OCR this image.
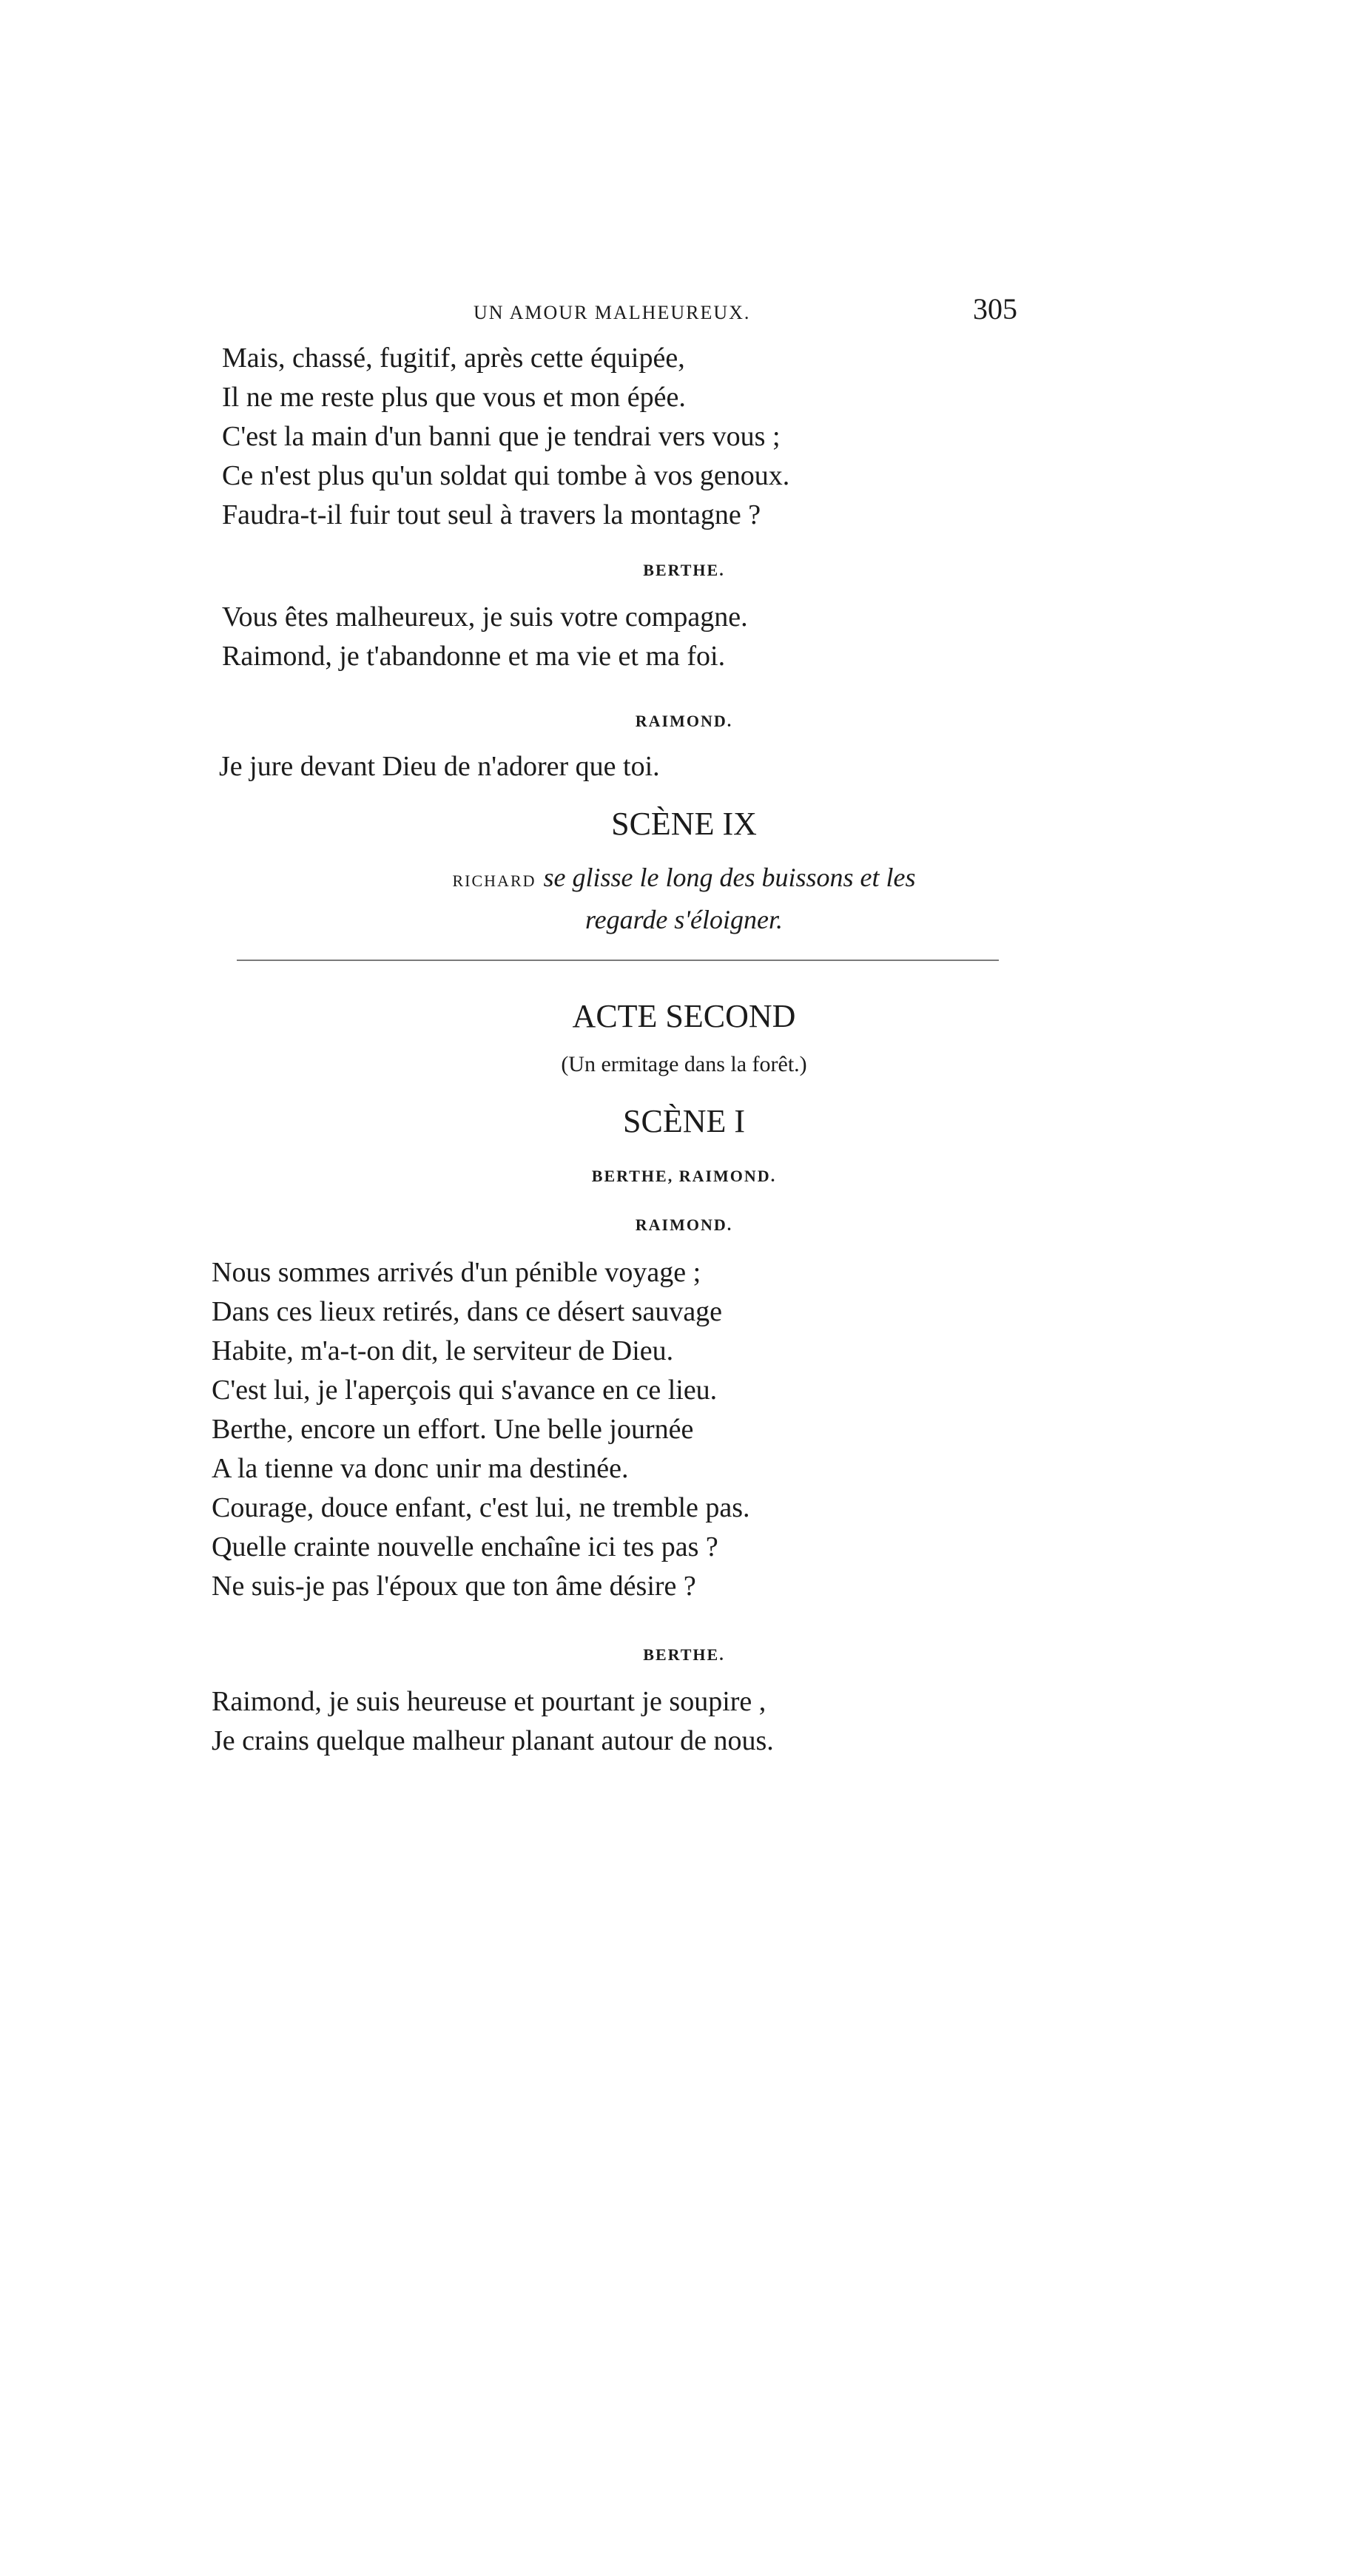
UN AMOUR MALHEUREUX.	305
Mais, chassé, fugitif, après cette équipée,
Il ne me reste plus que vous et mon épée.
C'est la main d'un banni que je tendrai vers vous ;
Ce n'est plus qu'un soldat qui tombe à vos genoux.
Faudra-t-il fuir tout seul à travers la montagne ?
BERTHE.
Vous êtes malheureux, je suis votre compagne.
Raimond, je t'abandonne et ma vie et ma foi.
RAIMOND.
Je jure devant Dieu de n'adorer que toi.
SCÈNE IX
RICHARD se glisse le long des buissons et les
regarde s'éloigner.
ACTE SECOND
(Un ermitage dans la forêt.)
SCÈNE I
BERTHE, RAIMOND.
RAIMOND.
Nous sommes arrivés d'un pénible voyage ;
Dans ces lieux retirés, dans ce désert sauvage
Habite, m'a-t-on dit, le serviteur de Dieu.
C'est lui, je l'aperçois qui s'avance en ce lieu.
Berthe, encore un effort. Une belle journée
A la tienne va donc unir ma destinée.
Courage, douce enfant, c'est lui, ne tremble pas.
Quelle crainte nouvelle enchaîne ici tes pas ?
Ne suis-je pas l'époux que ton âme désire ?
BERTHE.
Raimond, je suis heureuse et pourtant je soupire ,
Je crains quelque malheur planant autour de nous.
